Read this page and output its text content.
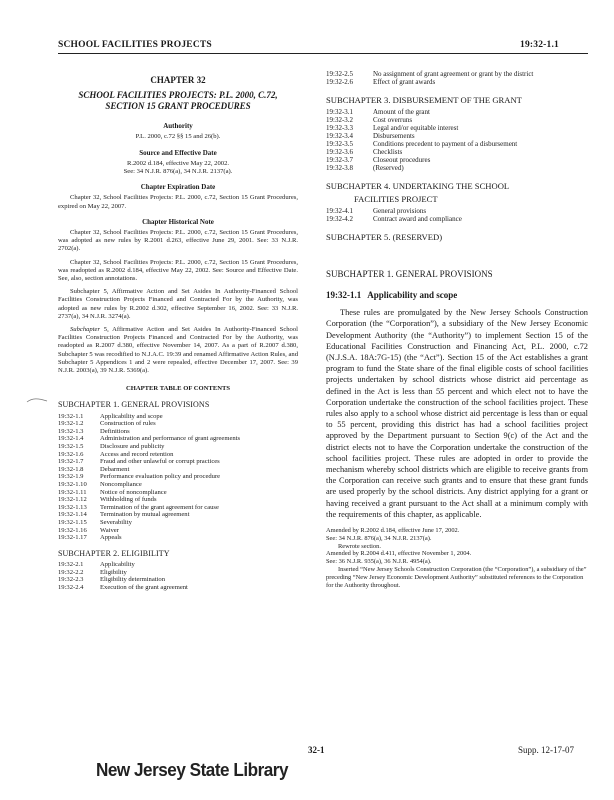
SCHOOL FACILITIES PROJECTS	19:32-1.1
CHAPTER 32
SCHOOL FACILITIES PROJECTS: P.L. 2000, C.72, SECTION 15 GRANT PROCEDURES
Authority
P.L. 2000, c.72 §§ 15 and 26(b).
Source and Effective Date
R.2002 d.184, effective May 22, 2002.
See: 34 N.J.R. 876(a), 34 N.J.R. 2137(a).
Chapter Expiration Date

Chapter 32, School Facilities Projects: P.L. 2000, c.72, Section 15 Grant Procedures, expired on May 22, 2007.

Chapter Historical Note

Chapter 32, School Facilities Projects: P.L. 2000, c.72, Section 15 Grant Procedures, was adopted as new rules by R.2001 d.263, effective June 29, 2001. See: 33 N.J.R. 2702(a).

Chapter 32, School Facilities Projects: P.L. 2000, c.72, Section 15 Grant Procedures, was readopted as R.2002 d.184, effective May 22, 2002. See: Source and Effective Date. See, also, section annotations.

Subchapter 5, Affirmative Action and Set Asides In Authority-Financed School Facilities Construction Projects Financed and Contracted For by the Authority, was adopted as new rules by R.2002 d.302, effective September 16, 2002. See: 33 N.J.R. 2737(a), 34 N.J.R. 3274(a).

Subchapter 5, Affirmative Action and Set Asides In Authority-Financed School Facilities Construction Projects Financed and Contracted For by the Authority, was readopted as R.2007 d.380, effective November 14, 2007. As a part of R.2007 d.380, Subchapter 5 was recodified to N.J.A.C. 19:39 and renamed Affirmative Action Rules, and Subchapter 5 Appendices 1 and 2 were repealed, effective December 17, 2007. See: 39 N.J.R. 2003(a), 39 N.J.R. 5369(a).

CHAPTER TABLE OF CONTENTS
SUBCHAPTER 1. GENERAL PROVISIONS
19:32-1.1	Applicability and scope
19:32-1.2	Construction of rules
19:32-1.3	Definitions
19:32-1.4	Administration and performance of grant agreements
19:32-1.5	Disclosure and publicity
19:32-1.6	Access and record retention
19:32-1.7	Fraud and other unlawful or corrupt practices
19:32-1.8	Debarment
19:32-1.9	Performance evaluation policy and procedure
19:32-1.10	Noncompliance
19:32-1.11	Notice of noncompliance
19:32-1.12	Withholding of funds
19:32-1.13	Termination of the grant agreement for cause
19:32-1.14	Termination by mutual agreement
19:32-1.15	Severability
19:32-1.16	Waiver
19:32-1.17	Appeals
SUBCHAPTER 2. ELIGIBILITY
19:32-2.1	Applicability
19:32-2.2	Eligibility
19:32-2.3	Eligibility determination
19:32-2.4	Execution of the grant agreement
19:32-2.5	No assignment of grant agreement or grant by the district
19:32-2.6	Effect of grant awards
SUBCHAPTER 3. DISBURSEMENT OF THE GRANT
19:32-3.1	Amount of the grant
19:32-3.2	Cost overruns
19:32-3.3	Legal and/or equitable interest
19:32-3.4	Disbursements
19:32-3.5	Conditions precedent to payment of a disbursement
19:32-3.6	Checklists
19:32-3.7	Closeout procedures
19:32-3.8	(Reserved)
SUBCHAPTER 4. UNDERTAKING THE SCHOOL
FACILITIES PROJECT
19:32-4.1	General provisions
19:32-4.2	Contract award and compliance
SUBCHAPTER 5. (RESERVED)
SUBCHAPTER 1. GENERAL PROVISIONS
19:32-1.1 Applicability and scope

These rules are promulgated by the New Jersey Schools Construction Corporation (the “Corporation”), a subsidiary of the New Jersey Economic Development Authority (the “Authority”) to implement Section 15 of the Educational Facilities Construction and Financing Act, P.L. 2000, c.72 (N.J.S.A. 18A:7G-15) (the “Act”). Section 15 of the Act establishes a grant program to fund the State share of the final eligible costs of school facilities projects undertaken by school districts whose district aid percentage as defined in the Act is less than 55 percent and which elect not to have the Corporation undertake the construction of the school facilities project. These rules also apply to a school whose district aid percentage is less than or equal to 55 percent, providing this district has had a school facilities project approved by the Department pursuant to Section 9(c) of the Act and the district elects not to have the Corporation undertake the construction of the school facilities project. These rules are adopted in order to provide the mechanism whereby school districts which are eligible to receive grants from the Corporation can receive such grants and to ensure that these grant funds are used properly by the school districts. Any district applying for a grant or having received a grant pursuant to the Act shall at a minimum comply with the requirements of this chapter, as applicable.

Amended by R.2002 d.184, effective June 17, 2002.
See: 34 N.J.R. 876(a), 34 N.J.R. 2137(a).
Rewrote section.
Amended by R.2004 d.411, effective November 1, 2004.
See: 36 N.J.R. 935(a), 36 N.J.R. 4954(a).
Inserted “New Jersey Schools Construction Corporation (the “Corporation”), a subsidiary of the” preceding “New Jersey Economic Development Authority” substituted references to the Corporation for the Authority throughout.
32-1	Supp. 12-17-07
New Jersey State Library
